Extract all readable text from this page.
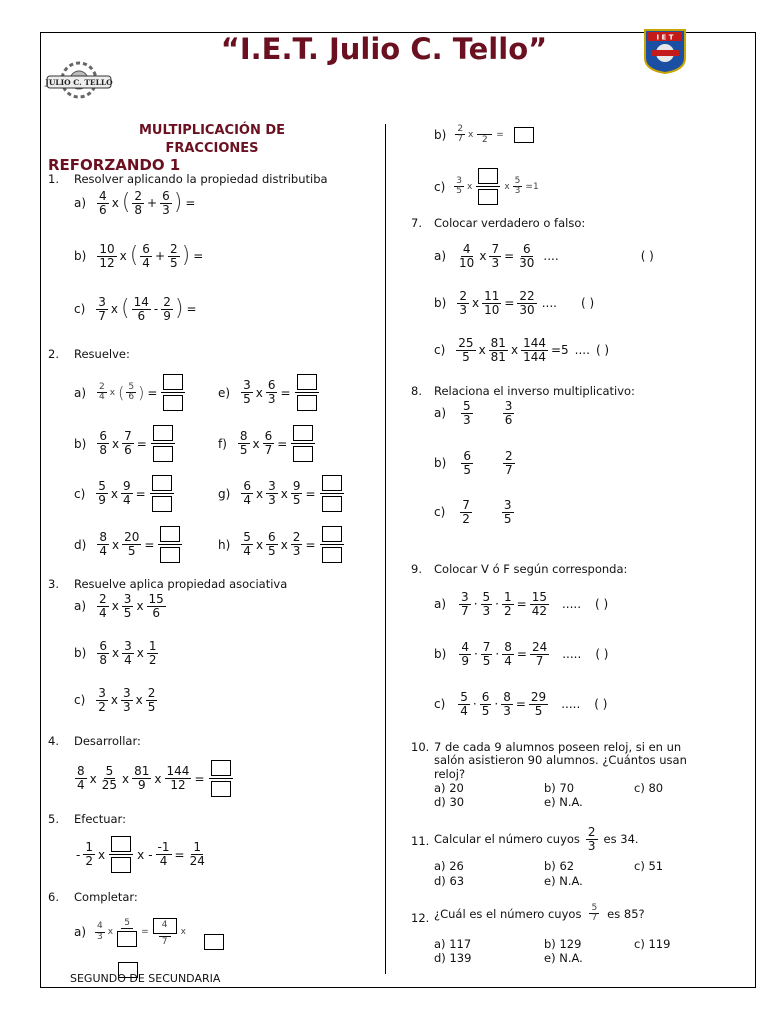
“I.E.T. Julio C. Tello”
JULIO C. TELLO
I E T
MULTIPLICACIÓN DE FRACCIONES
REFORZANDO 1
1. Resolver aplicando la propiedad distributiba
$a) \frac{4}{6}$ x ( $\frac{2}{8} + \frac{6}{3}$ ) =
$b) \frac{10}{12}$ x ( $\frac{6}{4} + \frac{2}{5}$ ) =
$c) \frac{3}{7}$ x ( $\frac{14}{6} - \frac{2}{9}$ ) =
2. Resuelve:
$a) \frac{2}{4}$ x ( $\frac{5}{6}$ ) =	$e) \frac{3}{5}$ x $\frac{6}{3}$ =
$b) \frac{6}{8}$ x $\frac{7}{6}$ =	$f) \frac{8}{5}$ x $\frac{6}{7}$ =
$c) \frac{5}{9}$ x $\frac{9}{4}$ =	$g) \frac{6}{4}$ x $\frac{3}{3}$ x $\frac{9}{5}$ =
$d) \frac{8}{4}$ x $\frac{20}{5}$ =	$h) \frac{5}{4}$ x $\frac{6}{5}$ x $\frac{2}{3}$ =
3. Resuelve aplica propiedad asociativa
$a) \frac{2}{4}$ x $\frac{3}{5}$ x $\frac{15}{6}$
$b) \frac{6}{8}$ x $\frac{3}{4}$ x $\frac{1}{2}$
$c) \frac{3}{2}$ x $\frac{3}{3}$ x $\frac{2}{5}$
4. Desarrollar:
$\frac{8}{4}$ x $\frac{5}{25}$ x $\frac{81}{9}$ x $\frac{144}{12}$ =
5. Efectuar:
- $\frac{1}{2}$ x	$x - \frac{-1}{4} = \frac{1}{24}$
6. Completar:
$a) \frac{4}{3}$ x
5
= $\frac{4}{7}$ x
SEGUNDO DE SECUNDARIA
$b) \frac{2}{7}$ x

2
=
$c) \frac{3}{5}$ x	x $\frac{5}{3} =1$
7. Colocar verdadero o falso:
$a) \frac{4}{10}$ x $\frac{7}{3} = \frac{6}{30}$ ....	( )
$b) \frac{2}{3}$ x $\frac{11}{10} = \frac{22}{30}$ .... ( )
$c) \frac{25}{5}$ x $\frac{81}{81}$ x $\frac{144}{144} =5$ .... ( )
8. Relaciona el inverso multiplicativo:
$a) \frac{5}{3}$	$\frac{3}{6}$
$b) \frac{6}{5}$	$\frac{2}{7}$
$c) \frac{7}{2}$	$\frac{3}{5}$
9. Colocar V ó F según corresponda:
$a) \frac{3}{7} \cdot \frac{5}{3} \cdot \frac{1}{2} = \frac{15}{42}$ ..... ( )
$b) \frac{4}{9} \cdot \frac{7}{5} \cdot \frac{8}{4} = \frac{24}{7}$ ..... ( )
$c) \frac{5}{4} \cdot \frac{6}{5} \cdot \frac{8}{3} = \frac{29}{5}$ ..... ( )
10. 7 de cada 9 alumnos poseen reloj, si en un
salón asistieron 90 alumnos. ¿Cuántos usan
reloj?
a) 20	b) 70	c) 80
d) 30	e) N.A.
11. Calcular el número cuyos $\frac{2}{3}$ es 34.
a) 26	b) 62	c) 51
d) 63	e) N.A.
12. ¿Cuál es el número cuyos $\frac{5}{7}$ es 85?
a) 117	b) 129	c) 119
d) 139	e) N.A.
